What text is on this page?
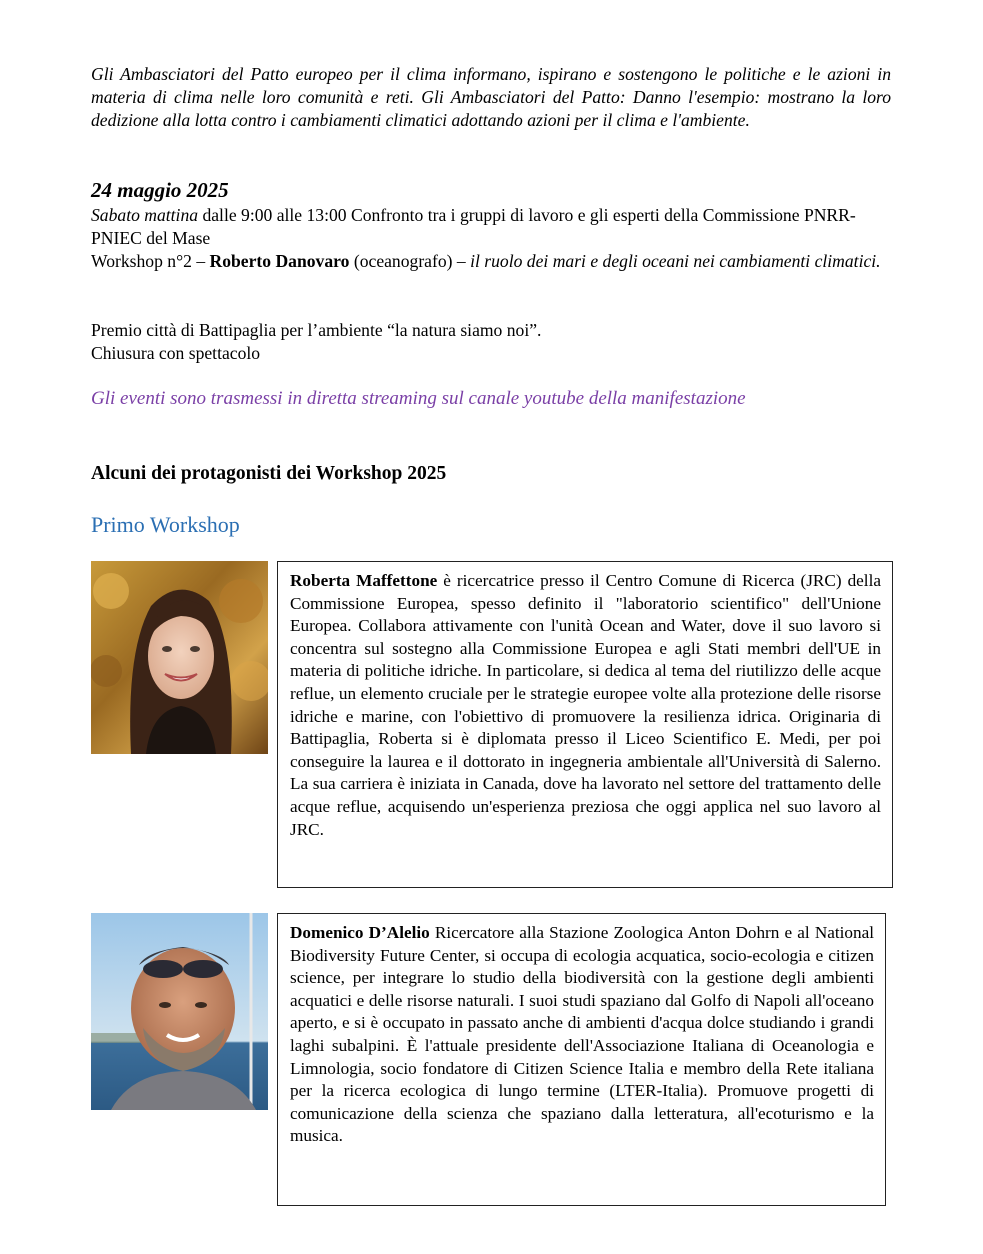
Gli Ambasciatori del Patto europeo per il clima informano, ispirano e sostengono le politiche e le azioni in materia di clima nelle loro comunità e reti. Gli Ambasciatori del Patto: Danno l'esempio: mostrano la loro dedizione alla lotta contro i cambiamenti climatici adottando azioni per il clima e l'ambiente.

24 maggio 2025

Sabato mattina dalle 9:00 alle 13:00 Confronto tra i gruppi di lavoro e gli esperti della Commissione PNRR-PNIEC del Mase

Workshop n°2 – Roberto Danovaro (oceanografo) – il ruolo dei mari e degli oceani nei cambiamenti climatici.

Premio città di Battipaglia per l’ambiente “la natura siamo noi”.

Chiusura con spettacolo

Gli eventi sono trasmessi in diretta streaming sul canale youtube della manifestazione

Alcuni dei protagonisti dei Workshop 2025

Primo Workshop

Roberta Maffettone è ricercatrice presso il Centro Comune di Ricerca (JRC) della Commissione Europea, spesso definito il "laboratorio scientifico" dell'Unione Europea. Collabora attivamente con l'unità Ocean and Water, dove il suo lavoro si concentra sul sostegno alla Commissione Europea e agli Stati membri dell'UE in materia di politiche idriche. In particolare, si dedica al tema del riutilizzo delle acque reflue, un elemento cruciale per le strategie europee volte alla protezione delle risorse idriche e marine, con l'obiettivo di promuovere la resilienza idrica. Originaria di Battipaglia, Roberta si è diplomata presso il Liceo Scientifico E. Medi, per poi conseguire la laurea e il dottorato in ingegneria ambientale all'Università di Salerno. La sua carriera è iniziata in Canada, dove ha lavorato nel settore del trattamento delle acque reflue, acquisendo un'esperienza preziosa che oggi applica nel suo lavoro al JRC.

Domenico D’Alelio Ricercatore alla Stazione Zoologica Anton Dohrn e al National Biodiversity Future Center, si occupa di ecologia acquatica, socio-ecologia e citizen science, per integrare lo studio della biodiversità con la gestione degli ambienti acquatici e delle risorse naturali. I suoi studi spaziano dal Golfo di Napoli all'oceano aperto, e si è occupato in passato anche di ambienti d'acqua dolce studiando i grandi laghi subalpini. È l'attuale presidente dell'Associazione Italiana di Oceanologia e Limnologia, socio fondatore di Citizen Science Italia e membro della Rete italiana per la ricerca ecologica di lungo termine (LTER-Italia). Promuove progetti di comunicazione della scienza che spaziano dalla letteratura, all'ecoturismo e la musica.
